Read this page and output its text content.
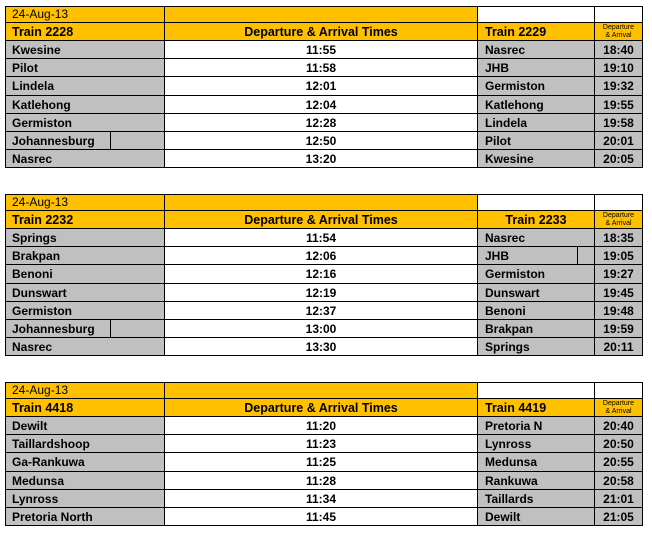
24-Aug-13
Train 2228	Departure & Arrival Times	Train 2229	Departure
& Arrival
Kwesine	11:55	Nasrec	18:40
Pilot	11:58	JHB	19:10
Lindela	12:01	Germiston	19:32
Katlehong	12:04	Katlehong	19:55
Germiston	12:28	Lindela	19:58
Johannesburg	12:50	Pilot	20:01
Nasrec	13:20	Kwesine	20:05
24-Aug-13
Train 2232	Departure & Arrival Times	Train 2233	Departure
& Arrival
Springs	11:54	Nasrec	18:35
Brakpan	12:06	JHB	19:05
Benoni	12:16	Germiston	19:27
Dunswart	12:19	Dunswart	19:45
Germiston	12:37	Benoni	19:48
Johannesburg	13:00	Brakpan	19:59
Nasrec	13:30	Springs	20:11
24-Aug-13
Train 4418	Departure & Arrival Times	Train 4419	Departure
& Arrival
Dewilt	11:20	Pretoria N	20:40
Taillardshoop	11:23	Lynross	20:50
Ga-Rankuwa	11:25	Medunsa	20:55
Medunsa	11:28	Rankuwa	20:58
Lynross	11:34	Taillards	21:01
Pretoria North	11:45	Dewilt	21:05
